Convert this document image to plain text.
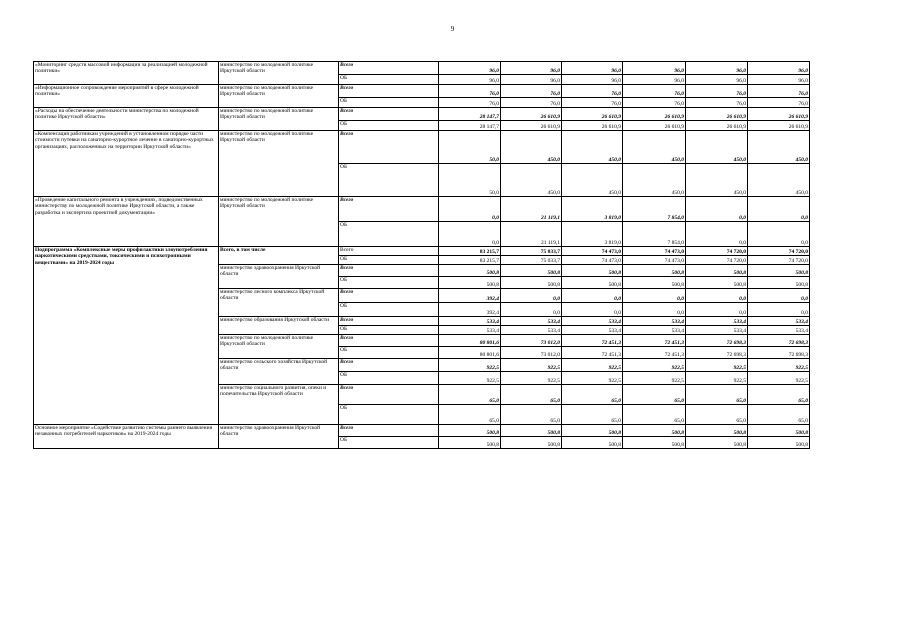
9
«Мониторинг средств массовой информации за реализацией молодежной политики»	министерство по молодежной политике Иркутской области	Всего	96,0	96,0	96,0	96,0	96,0	96,0
		ОБ	96,0	96,0	96,0	96,0	96,0	96,0
«Информационное сопровождение мероприятий в сфере молодежной политики»	министерство по молодежной политике Иркутской области	Всего	76,0	76,0	76,0	76,0	76,0	76,0
		ОБ	76,0	76,0	76,0	76,0	76,0	76,0
«Расходы на обеспечение деятельности министерства по молодежной политике Иркутской области»	министерство по молодежной политике Иркутской области	Всего	28 147,7	26 610,9	26 610,9	26 610,9	26 610,9	26 610,9
		ОБ	28 147,7	26 610,9	26 610,9	26 610,9	26 610,9	26 610,9
«Компенсация работникам учреждений в установленном порядке части стоимости путевки на санаторно-курортное лечение в санаторно-курортных организациях, расположенных на территории Иркутской области»	министерство по молодежной политике Иркутской области	Всего	50,0	450,0	450,0	450,0	450,0	450,0
		ОБ	50,0	450,0	450,0	450,0	450,0	450,0
«Проведение капитального ремонта в учреждениях, подведомственных министерству по молодежной политике Иркутской области, а также разработка и экспертиза проектной документации»	министерство по молодежной политике Иркутской области	Всего	0,0	21 119,1	3 819,0	7 854,0	0,0	0,0
		ОБ	0,0	21 119,1	3 819,0	7 854,0	0,0	0,0
Подпрограмма «Комплексные меры профилактики злоупотребления наркотическими средствами, токсическими и психотропными веществами» на 2019-2024 годы	Всего, в том числе	Всего	83 215,7	75 033,7	74 473,0	74 473,0	74 720,0	74 720,0
		ОБ	83 215,7	75 033,7	74 473,0	74 473,0	74 720,0	74 720,0
	министерство здравоохранения Иркутской области	Всего	500,8	500,8	500,8	500,8	500,8	500,8
		ОБ	500,8	500,8	500,8	500,8	500,8	500,8
	министерство лесного комплекса Иркутской области	Всего	392,4	0,0	0,0	0,0	0,0	0,0
		ОБ	392,4	0,0	0,0	0,0	0,0	0,0
	министерство образования Иркутской области	Всего	533,4	533,4	533,4	533,4	533,4	533,4
		ОБ	533,4	533,4	533,4	533,4	533,4	533,4
	министерство по молодежной политике Иркутской области	Всего	80 801,6	73 012,0	72 451,3	72 451,3	72 698,3	72 698,3
		ОБ	80 801,6	73 012,0	72 451,3	72 451,3	72 698,3	72 698,3
	министерство сельского хозяйства Иркутской области	Всего	922,5	922,5	922,5	922,5	922,5	922,5
		ОБ	922,5	922,5	922,5	922,5	922,5	922,5
	министерство социального развития, опеки и попечительства Иркутской области	Всего	65,0	65,0	65,0	65,0	65,0	65,0
		ОБ	65,0	65,0	65,0	65,0	65,0	65,0
Основное мероприятие «Содействие развитию системы раннего выявления незаконных потребителей наркотиков» на 2019-2024 годы	министерство здравоохранения Иркутской области	Всего	500,8	500,8	500,8	500,8	500,8	500,8
		ОБ	500,8	500,8	500,8	500,8	500,8	500,8
